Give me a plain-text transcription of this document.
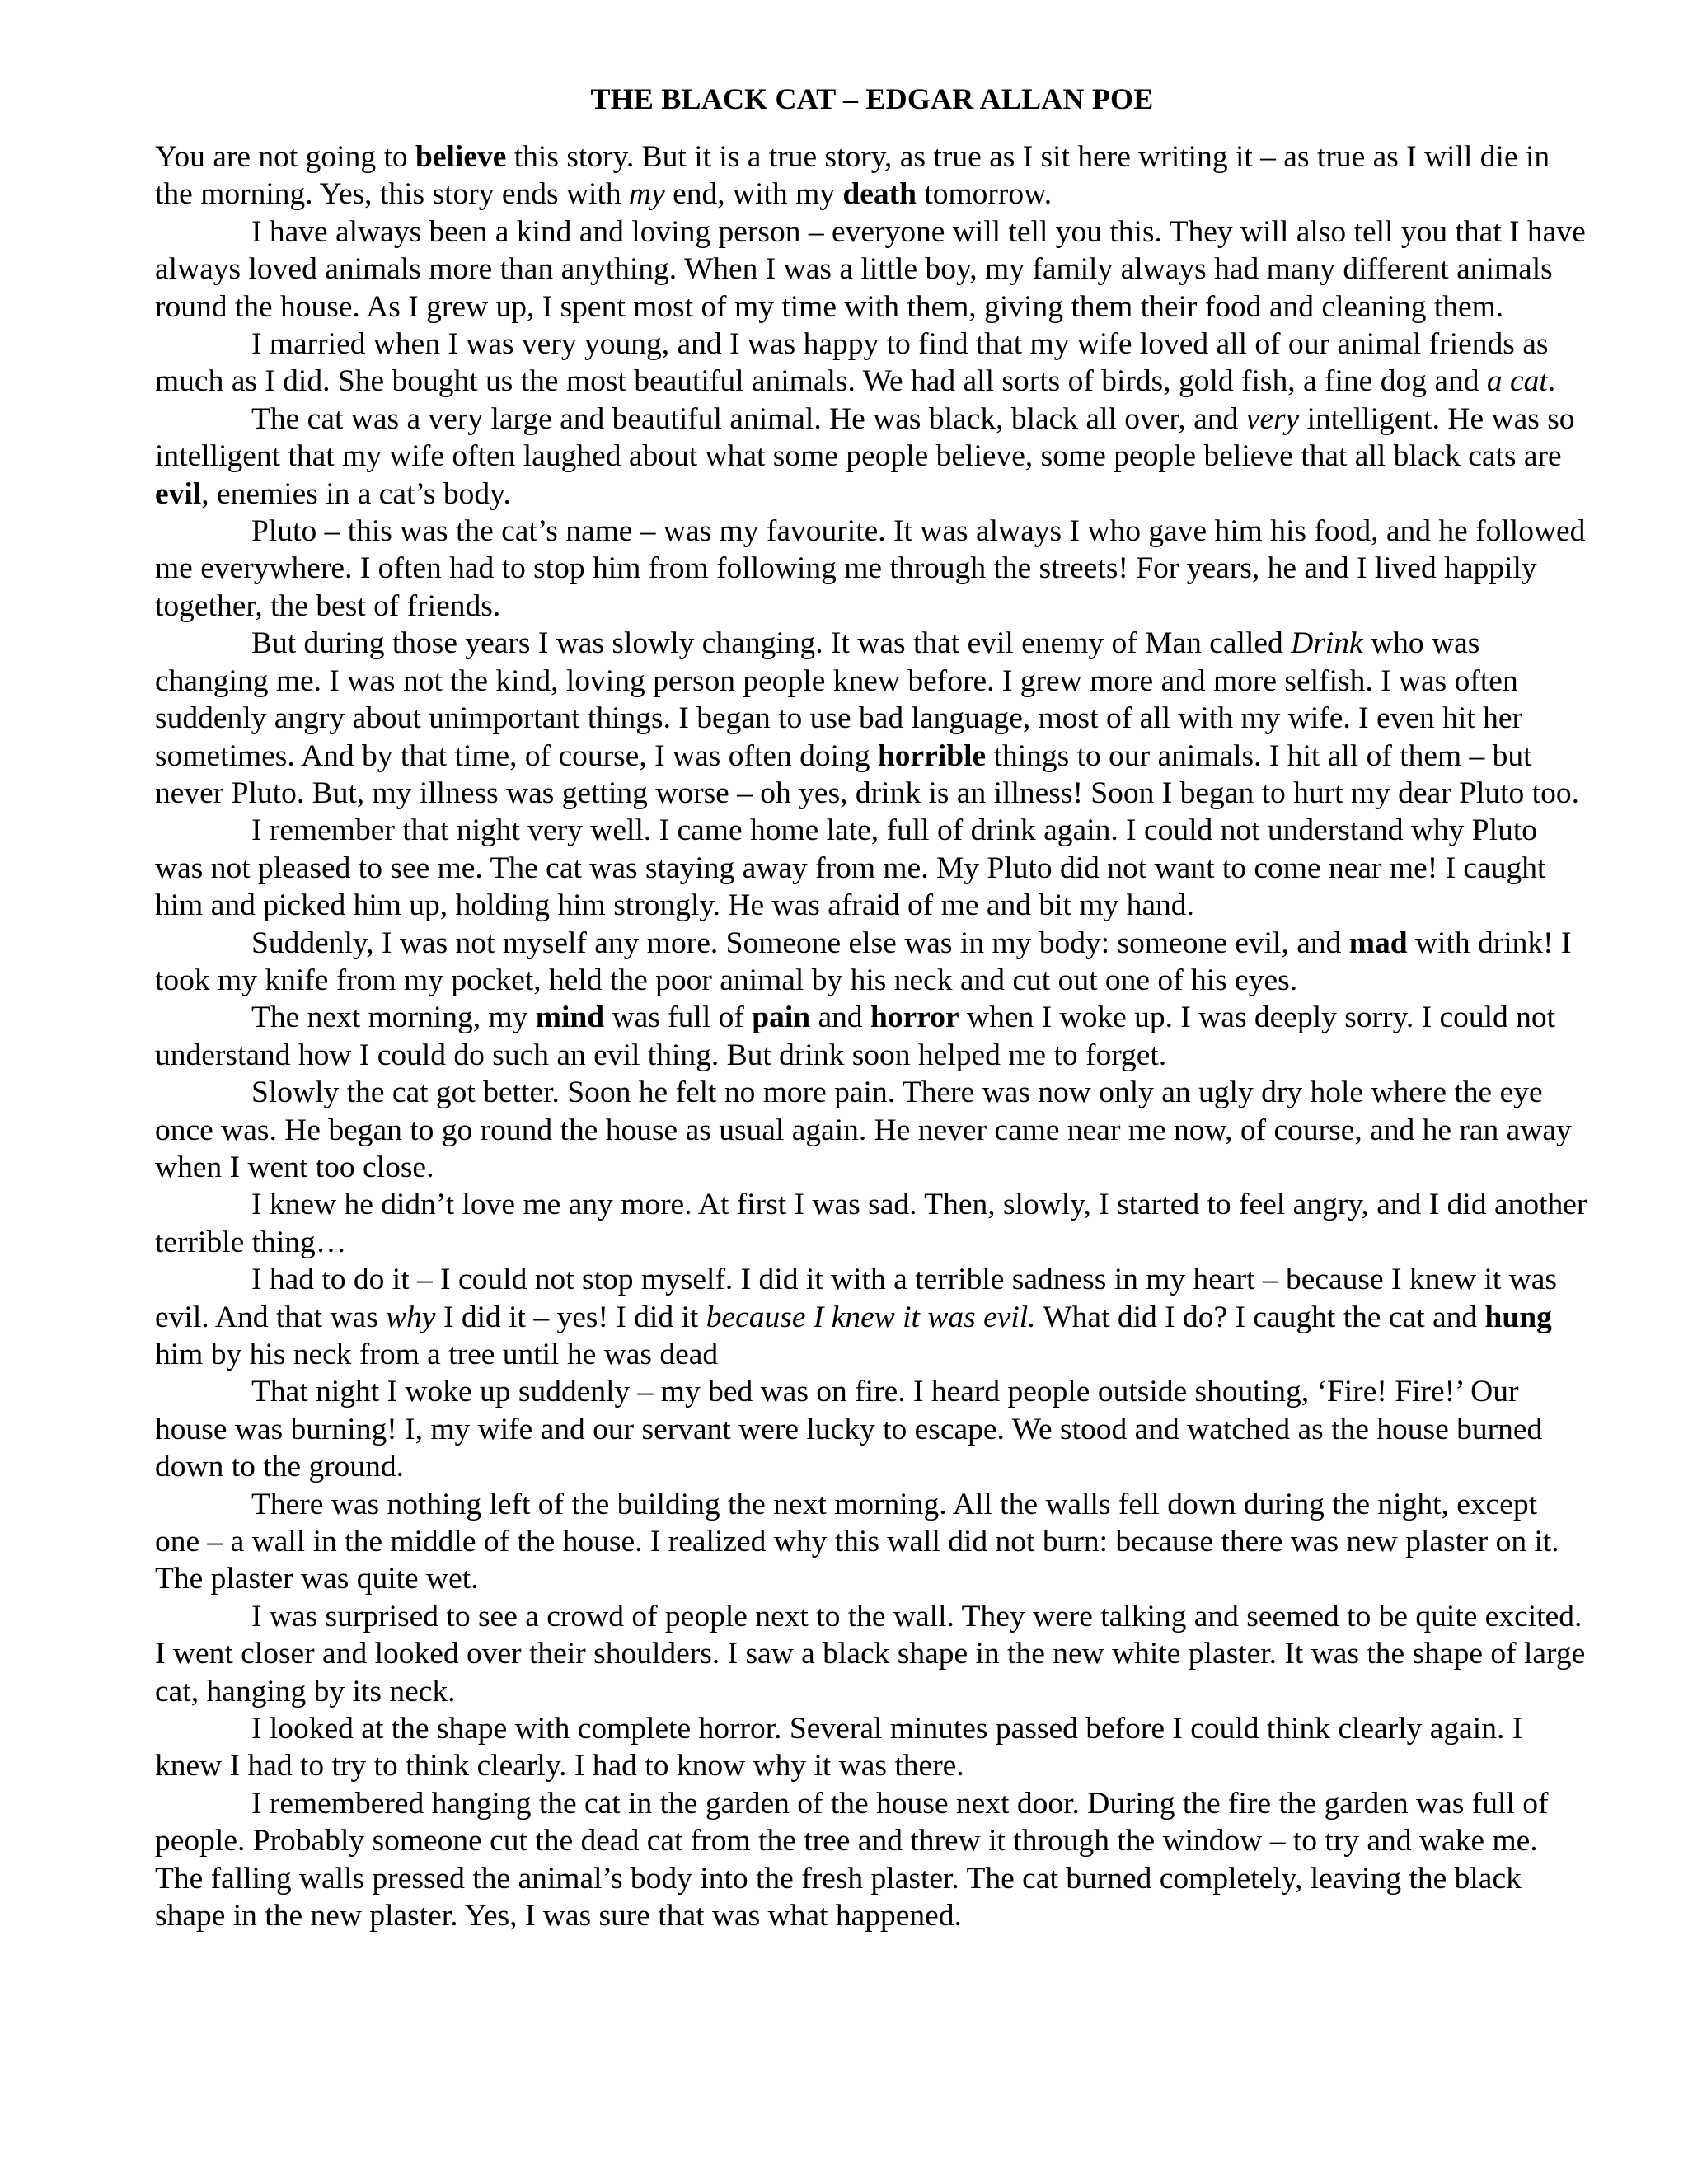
THE BLACK CAT – EDGAR ALLAN POE

You are not going to believe this story. But it is a true story, as true as I sit here writing it – as true as I will die in the morning. Yes, this story ends with my end, with my death tomorrow.

I have always been a kind and loving person – everyone will tell you this. They will also tell you that I have always loved animals more than anything. When I was a little boy, my family always had many different animals round the house. As I grew up, I spent most of my time with them, giving them their food and cleaning them.

I married when I was very young, and I was happy to find that my wife loved all of our animal friends as much as I did. She bought us the most beautiful animals. We had all sorts of birds, gold fish, a fine dog and a cat.

The cat was a very large and beautiful animal. He was black, black all over, and very intelligent. He was so intelligent that my wife often laughed about what some people believe, some people believe that all black cats are evil, enemies in a cat’s body.

Pluto – this was the cat’s name – was my favourite. It was always I who gave him his food, and he followed me everywhere. I often had to stop him from following me through the streets! For years, he and I lived happily together, the best of friends.

But during those years I was slowly changing. It was that evil enemy of Man called Drink who was changing me. I was not the kind, loving person people knew before. I grew more and more selfish. I was often suddenly angry about unimportant things. I began to use bad language, most of all with my wife. I even hit her sometimes. And by that time, of course, I was often doing horrible things to our animals. I hit all of them – but never Pluto. But, my illness was getting worse – oh yes, drink is an illness! Soon I began to hurt my dear Pluto too.

I remember that night very well. I came home late, full of drink again. I could not understand why Pluto was not pleased to see me. The cat was staying away from me. My Pluto did not want to come near me! I caught him and picked him up, holding him strongly. He was afraid of me and bit my hand.

Suddenly, I was not myself any more. Someone else was in my body: someone evil, and mad with drink! I took my knife from my pocket, held the poor animal by his neck and cut out one of his eyes.

The next morning, my mind was full of pain and horror when I woke up. I was deeply sorry. I could not understand how I could do such an evil thing. But drink soon helped me to forget.

Slowly the cat got better. Soon he felt no more pain. There was now only an ugly dry hole where the eye once was. He began to go round the house as usual again. He never came near me now, of course, and he ran away when I went too close.

I knew he didn’t love me any more. At first I was sad. Then, slowly, I started to feel angry, and I did another terrible thing…

I had to do it – I could not stop myself. I did it with a terrible sadness in my heart – because I knew it was evil. And that was why I did it – yes! I did it because I knew it was evil. What did I do? I caught the cat and hung him by his neck from a tree until he was dead

That night I woke up suddenly – my bed was on fire. I heard people outside shouting, ‘Fire! Fire!’ Our house was burning! I, my wife and our servant were lucky to escape. We stood and watched as the house burned down to the ground.

There was nothing left of the building the next morning. All the walls fell down during the night, except one – a wall in the middle of the house. I realized why this wall did not burn: because there was new plaster on it. The plaster was quite wet.

I was surprised to see a crowd of people next to the wall. They were talking and seemed to be quite excited. I went closer and looked over their shoulders. I saw a black shape in the new white plaster. It was the shape of large cat, hanging by its neck.

I looked at the shape with complete horror. Several minutes passed before I could think clearly again. I knew I had to try to think clearly. I had to know why it was there.

I remembered hanging the cat in the garden of the house next door. During the fire the garden was full of people. Probably someone cut the dead cat from the tree and threw it through the window – to try and wake me. The falling walls pressed the animal’s body into the fresh plaster. The cat burned completely, leaving the black shape in the new plaster. Yes, I was sure that was what happened.
